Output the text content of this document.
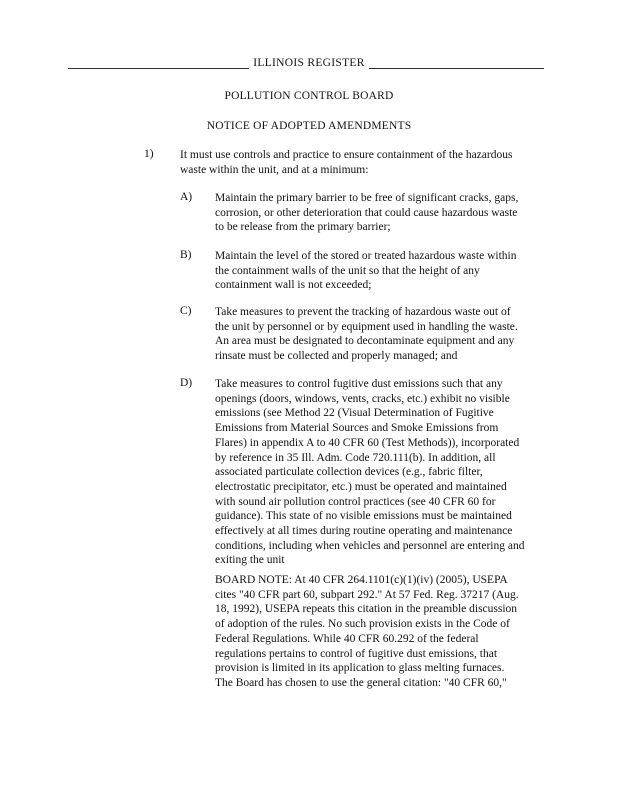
ILLINOIS REGISTER
POLLUTION CONTROL BOARD
NOTICE OF ADOPTED AMENDMENTS
1) It must use controls and practice to ensure containment of the hazardous
waste within the unit, and at a minimum:
A) Maintain the primary barrier to be free of significant cracks, gaps,
corrosion, or other deterioration that could cause hazardous waste
to be release from the primary barrier;
B) Maintain the level of the stored or treated hazardous waste within
the containment walls of the unit so that the height of any
containment wall is not exceeded;
C) Take measures to prevent the tracking of hazardous waste out of
the unit by personnel or by equipment used in handling the waste.
An area must be designated to decontaminate equipment and any
rinsate must be collected and properly managed; and
D) Take measures to control fugitive dust emissions such that any
openings (doors, windows, vents, cracks, etc.) exhibit no visible
emissions (see Method 22 (Visual Determination of Fugitive
Emissions from Material Sources and Smoke Emissions from
Flares) in appendix A to 40 CFR 60 (Test Methods)), incorporated
by reference in 35 Ill. Adm. Code 720.111(b). In addition, all
associated particulate collection devices (e.g., fabric filter,
electrostatic precipitator, etc.) must be operated and maintained
with sound air pollution control practices (see 40 CFR 60 for
guidance). This state of no visible emissions must be maintained
effectively at all times during routine operating and maintenance
conditions, including when vehicles and personnel are entering and
exiting the unit
BOARD NOTE: At 40 CFR 264.1101(c)(1)(iv) (2005), USEPA
cites "40 CFR part 60, subpart 292." At 57 Fed. Reg. 37217 (Aug.
18, 1992), USEPA repeats this citation in the preamble discussion
of adoption of the rules. No such provision exists in the Code of
Federal Regulations. While 40 CFR 60.292 of the federal
regulations pertains to control of fugitive dust emissions, that
provision is limited in its application to glass melting furnaces.
The Board has chosen to use the general citation: "40 CFR 60,"
